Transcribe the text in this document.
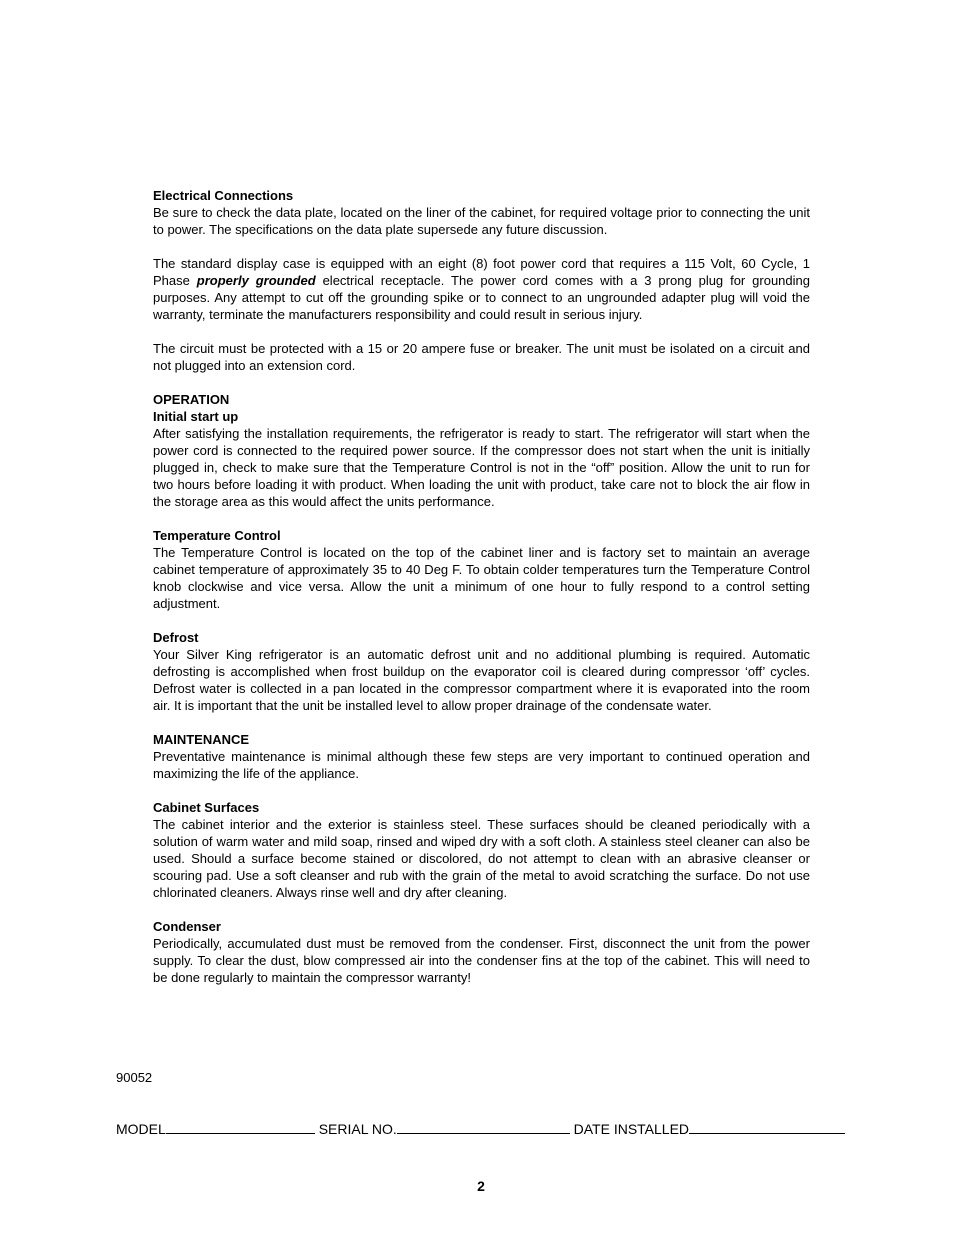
Electrical Connections

Be sure to check the data plate, located on the liner of the cabinet, for required voltage prior to connecting the unit to power. The specifications on the data plate supersede any future discussion.

The standard display case is equipped with an eight (8) foot power cord that requires a 115 Volt, 60 Cycle, 1 Phase properly grounded electrical receptacle. The power cord comes with a 3 prong plug for grounding purposes. Any attempt to cut off the grounding spike or to connect to an ungrounded adapter plug will void the warranty, terminate the manufacturers responsibility and could result in serious injury.

The circuit must be protected with a 15 or 20 ampere fuse or breaker. The unit must be isolated on a circuit and not plugged into an extension cord.

OPERATION

Initial start up

After satisfying the installation requirements, the refrigerator is ready to start. The refrigerator will start when the power cord is connected to the required power source. If the compressor does not start when the unit is initially plugged in, check to make sure that the Temperature Control is not in the “off” position. Allow the unit to run for two hours before loading it with product. When loading the unit with product, take care not to block the air flow in the storage area as this would affect the units performance.

Temperature Control

The Temperature Control is located on the top of the cabinet liner and is factory set to maintain an average cabinet temperature of approximately 35 to 40 Deg F. To obtain colder temperatures turn the Temperature Control knob clockwise and vice versa. Allow the unit a minimum of one hour to fully respond to a control setting adjustment.

Defrost

Your Silver King refrigerator is an automatic defrost unit and no additional plumbing is required. Automatic defrosting is accomplished when frost buildup on the evaporator coil is cleared during compressor ‘off’ cycles. Defrost water is collected in a pan located in the compressor compartment where it is evaporated into the room air. It is important that the unit be installed level to allow proper drainage of the condensate water.

MAINTENANCE

Preventative maintenance is minimal although these few steps are very important to continued operation and maximizing the life of the appliance.

Cabinet Surfaces

The cabinet interior and the exterior is stainless steel. These surfaces should be cleaned periodically with a solution of warm water and mild soap, rinsed and wiped dry with a soft cloth. A stainless steel cleaner can also be used. Should a surface become stained or discolored, do not attempt to clean with an abrasive cleanser or scouring pad. Use a soft cleanser and rub with the grain of the metal to avoid scratching the surface. Do not use chlorinated cleaners. Always rinse well and dry after cleaning.

Condenser

Periodically, accumulated dust must be removed from the condenser. First, disconnect the unit from the power supply. To clear the dust, blow compressed air into the condenser fins at the top of the cabinet. This will need to be done regularly to maintain the compressor warranty!

90052
MODEL	SERIAL NO.	DATE INSTALLED
2
